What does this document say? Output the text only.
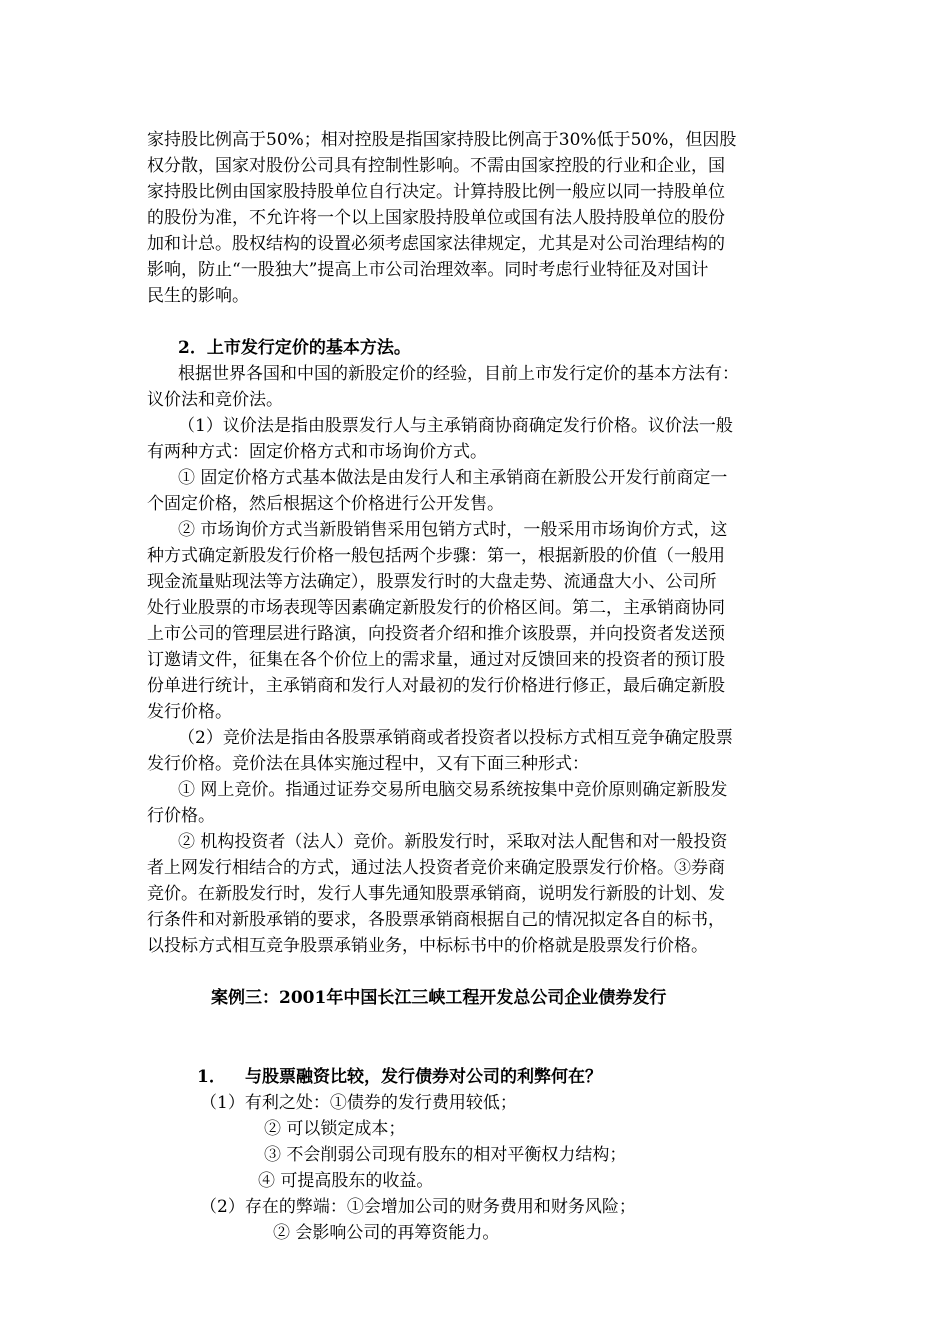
家持股比例高于50%；相对控股是指国家持股比例高于30%低于50%，但因股
权分散，国家对股份公司具有控制性影响。不需由国家控股的行业和企业，国
家持股比例由国家股持股单位自行决定。计算持股比例一般应以同一持股单位
的股份为准，不允许将一个以上国家股持股单位或国有法人股持股单位的股份
加和计总。股权结构的设置必须考虑国家法律规定，尤其是对公司治理结构的
影响，防止“一股独大”提高上市公司治理效率。同时考虑行业特征及对国计
民生的影响。
2．上市发行定价的基本方法。
根据世界各国和中国的新股定价的经验，目前上市发行定价的基本方法有：
议价法和竞价法。
（1）议价法是指由股票发行人与主承销商协商确定发行价格。议价法一般
有两种方式：固定价格方式和市场询价方式。
① 固定价格方式基本做法是由发行人和主承销商在新股公开发行前商定一
个固定价格，然后根据这个价格进行公开发售。
② 市场询价方式当新股销售采用包销方式时，一般采用市场询价方式，这
种方式确定新股发行价格一般包括两个步骤：第一，根据新股的价值（一般用
现金流量贴现法等方法确定），股票发行时的大盘走势、流通盘大小、公司所
处行业股票的市场表现等因素确定新股发行的价格区间。第二，主承销商协同
上市公司的管理层进行路演，向投资者介绍和推介该股票，并向投资者发送预
订邀请文件，征集在各个价位上的需求量，通过对反馈回来的投资者的预订股
份单进行统计，主承销商和发行人对最初的发行价格进行修正，最后确定新股
发行价格。
（2）竞价法是指由各股票承销商或者投资者以投标方式相互竞争确定股票
发行价格。竞价法在具体实施过程中，又有下面三种形式：
① 网上竞价。指通过证券交易所电脑交易系统按集中竞价原则确定新股发
行价格。
② 机构投资者（法人）竞价。新股发行时，采取对法人配售和对一般投资
者上网发行相结合的方式，通过法人投资者竞价来确定股票发行价格。③券商
竞价。在新股发行时，发行人事先通知股票承销商，说明发行新股的计划、发
行条件和对新股承销的要求，各股票承销商根据自己的情况拟定各自的标书，
以投标方式相互竞争股票承销业务，中标标书中的价格就是股票发行价格。
案例三：2001年中国长江三峡工程开发总公司企业债券发行
1． 与股票融资比较，发行债券对公司的利弊何在？
（1）有利之处：①债券的发行费用较低；
② 可以锁定成本；
③ 不会削弱公司现有股东的相对平衡权力结构；
④ 可提高股东的收益。
（2）存在的弊端：①会增加公司的财务费用和财务风险；
② 会影响公司的再筹资能力。
